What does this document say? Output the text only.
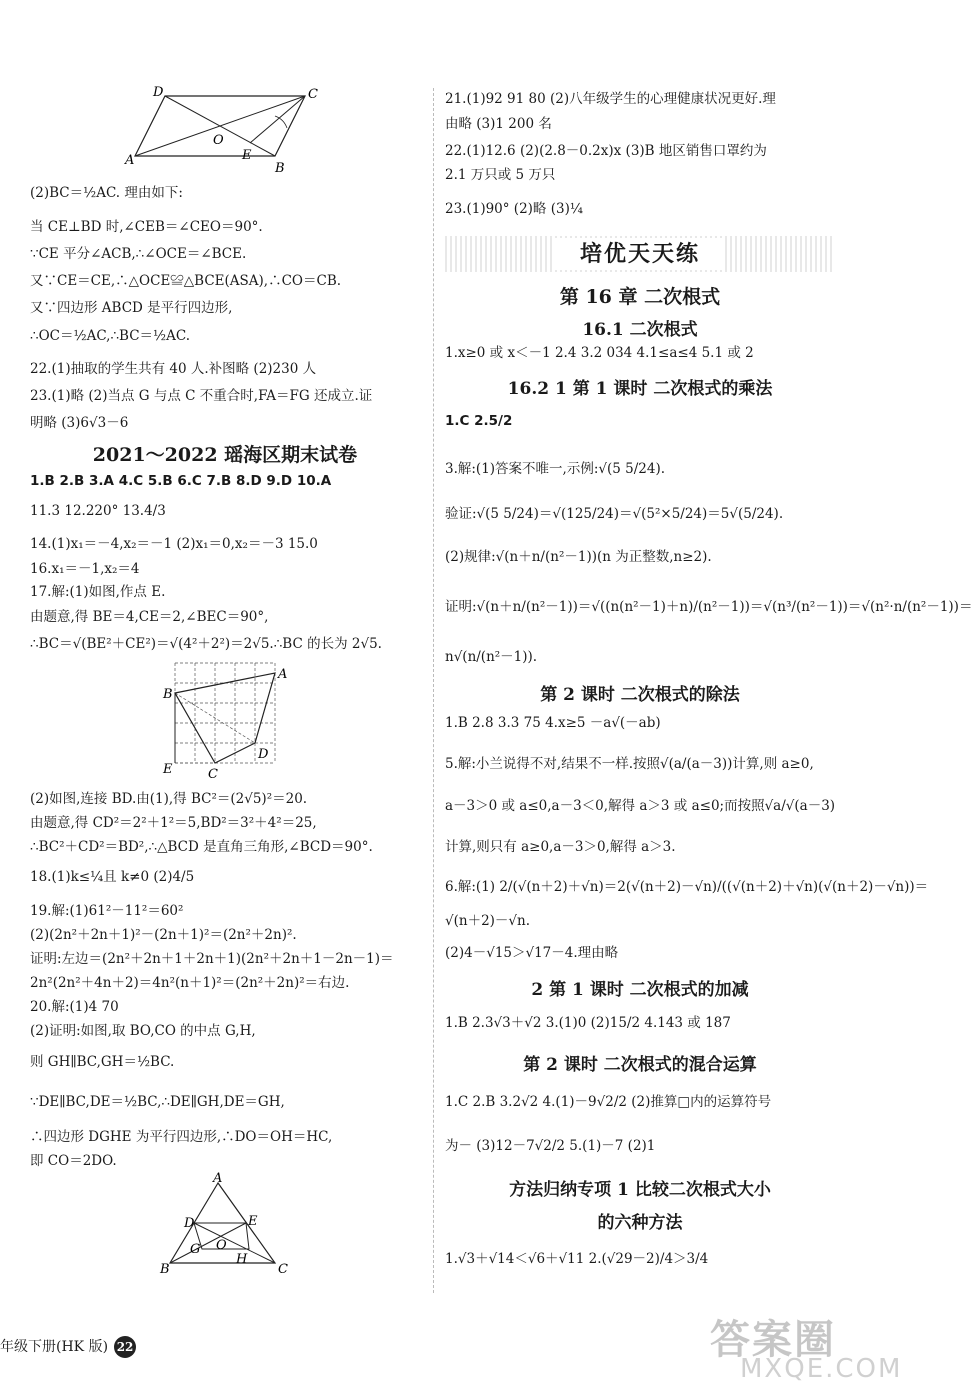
D	C
A
B
O
E
(2)BC＝½AC. 理由如下:
当 CE⊥BD 时,∠CEB＝∠CEO＝90°.
∵CE 平分∠ACB,∴∠OCE＝∠BCE.
又∵CE＝CE,∴△OCE≌△BCE(ASA),∴CO＝CB.
又∵四边形 ABCD 是平行四边形,
∴OC＝½AC,∴BC＝½AC.
22.(1)抽取的学生共有 40 人.补图略 (2)230 人
23.(1)略 (2)当点 G 与点 C 不重合时,FA＝FG 还成立.证
明略 (3)6√3－6
2021～2022 瑶海区期末试卷
1.B 2.B 3.A 4.C 5.B 6.C 7.B 8.D 9.D 10.A
11.3 12.220° 13.4/3
14.(1)x₁＝－4,x₂＝－1 (2)x₁＝0,x₂＝－3 15.0
16.x₁＝－1,x₂＝4
17.解:(1)如图,作点 E.
由题意,得 BE＝4,CE＝2,∠BEC＝90°,
∴BC＝√(BE²＋CE²)＝√(4²＋2²)＝2√5.∴BC 的长为 2√5.
A
B
C
D
E
(2)如图,连接 BD.由(1),得 BC²＝(2√5)²＝20.
由题意,得 CD²＝2²＋1²＝5,BD²＝3²＋4²＝25,
∴BC²＋CD²＝BD²,∴△BCD 是直角三角形,∠BCD＝90°.
18.(1)k≤¼且 k≠0 (2)4/5
19.解:(1)61²－11²＝60²
(2)(2n²＋2n＋1)²－(2n＋1)²＝(2n²＋2n)².
证明:左边＝(2n²＋2n＋1＋2n＋1)(2n²＋2n＋1－2n－1)＝
2n²(2n²＋4n＋2)＝4n²(n＋1)²＝(2n²＋2n)²＝右边.
20.解:(1)4 70
(2)证明:如图,取 BO,CO 的中点 G,H,
则 GH∥BC,GH＝½BC.
∵DE∥BC,DE＝½BC,∴DE∥GH,DE＝GH,
∴四边形 DGHE 为平行四边形,∴DO＝OH＝HC,
即 CO＝2DO.
A
B	C
D	E
G
H
O
年级下册(HK 版) 22
21.(1)92 91 80 (2)八年级学生的心理健康状况更好.理
由略 (3)1 200 名
22.(1)12.6 (2)(2.8－0.2x)x (3)B 地区销售口罩约为
2.1 万只或 5 万只
23.(1)90° (2)略 (3)¼
培优天天练
第 16 章 二次根式
16.1 二次根式
1.x≥0 或 x＜－1 2.4 3.2 034 4.1≤a≤4 5.1 或 2
16.2 1 第 1 课时 二次根式的乘法
1.C 2.5/2
3.解:(1)答案不唯一,示例:√(5 5/24).
验证:√(5 5/24)＝√(125/24)＝√(5²×5/24)＝5√(5/24).
(2)规律:√(n＋n/(n²－1))(n 为正整数,n≥2).
证明:√(n＋n/(n²－1))＝√((n(n²－1)＋n)/(n²－1))＝√(n³/(n²－1))＝√(n²·n/(n²－1))＝
n√(n/(n²－1)).
第 2 课时 二次根式的除法
1.B 2.8 3.3 75 4.x≥5 －a√(－ab)
5.解:小兰说得不对,结果不一样.按照√(a/(a－3))计算,则 a≥0,
a－3＞0 或 a≤0,a－3＜0,解得 a＞3 或 a≤0;而按照√a/√(a－3)
计算,则只有 a≥0,a－3＞0,解得 a＞3.
6.解:(1) 2/(√(n＋2)＋√n)＝2(√(n＋2)－√n)/((√(n＋2)＋√n)(√(n＋2)－√n))＝
√(n＋2)－√n.
(2)4－√15＞√17－4.理由略
2 第 1 课时 二次根式的加减
1.B 2.3√3＋√2 3.(1)0 (2)15/2 4.143 或 187
第 2 课时 二次根式的混合运算
1.C 2.B 3.2√2 4.(1)－9√2/2 (2)推算□内的运算符号
为－ (3)12－7√2/2 5.(1)－7 (2)1
方法归纳专项 1 比较二次根式大小
的六种方法
1.√3＋√14＜√6＋√11 2.(√29－2)/4＞3/4
答案圈
MXQE.COM
